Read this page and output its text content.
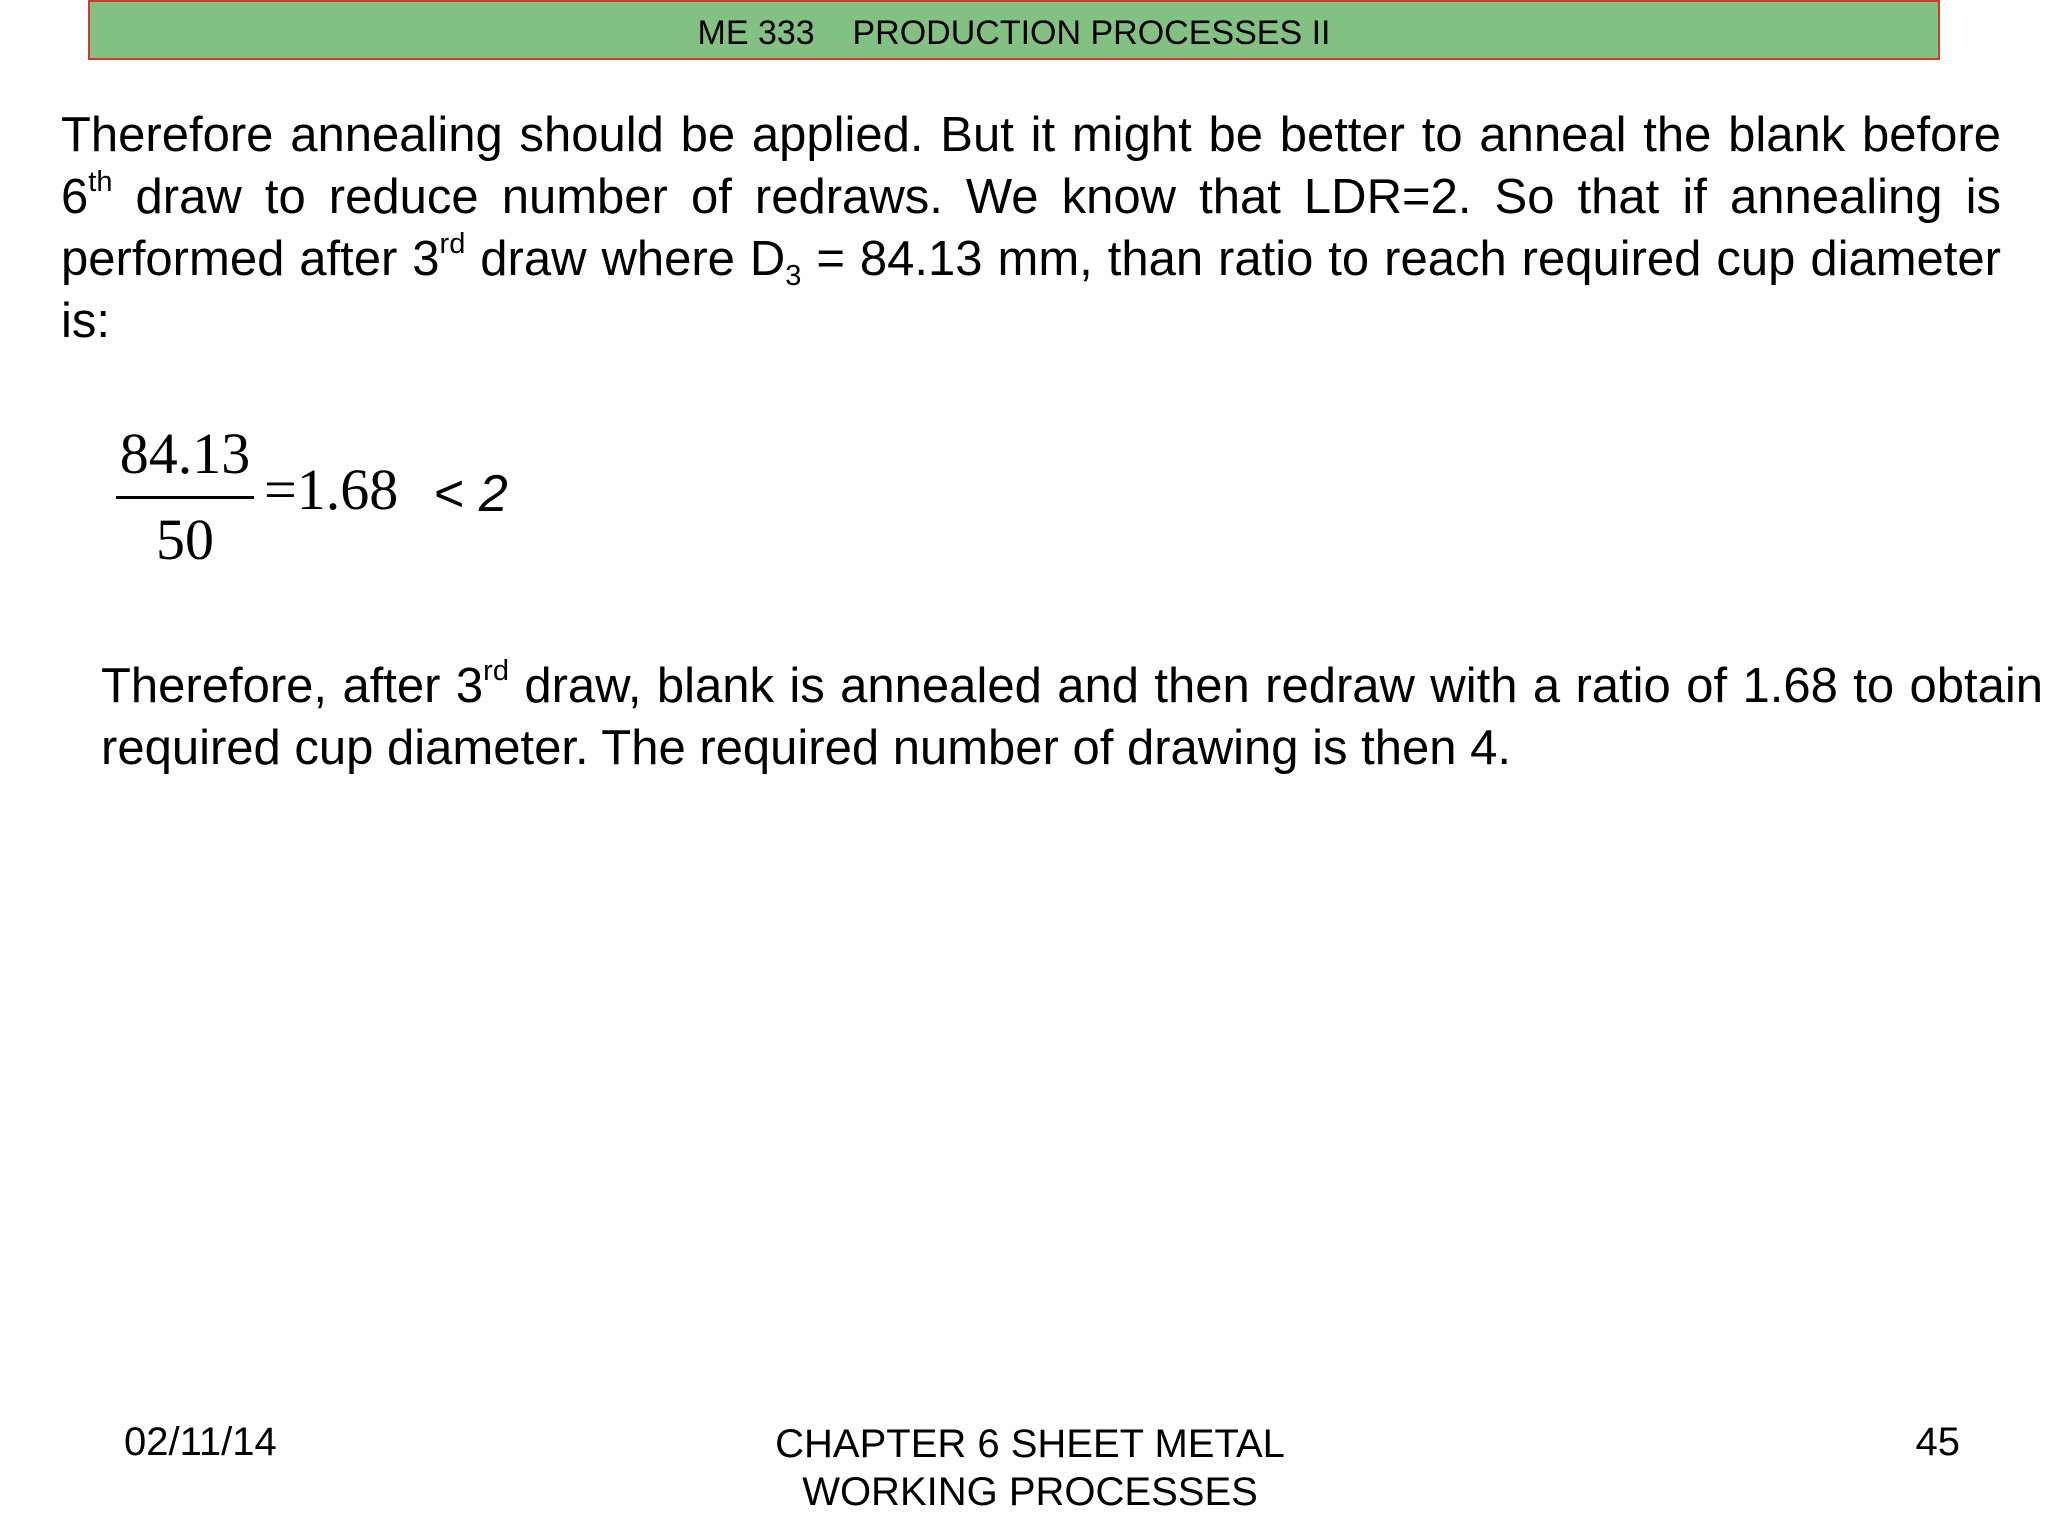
ME 333 PRODUCTION PROCESSES II

Therefore annealing should be applied. But it might be better to anneal the blank before 6th draw to reduce number of redraws. We know that LDR=2. So that if annealing is performed after 3rd draw where $D_3 = 84.13$ mm, than ratio to reach required cup diameter is:

84.13
50
=1.68 < 2

Therefore, after 3rd draw, blank is annealed and then redraw with a ratio of 1.68 to obtain required cup diameter. The required number of drawing is then 4.

02/11/14	CHAPTER 6 SHEET METAL
WORKING PROCESSES
45
